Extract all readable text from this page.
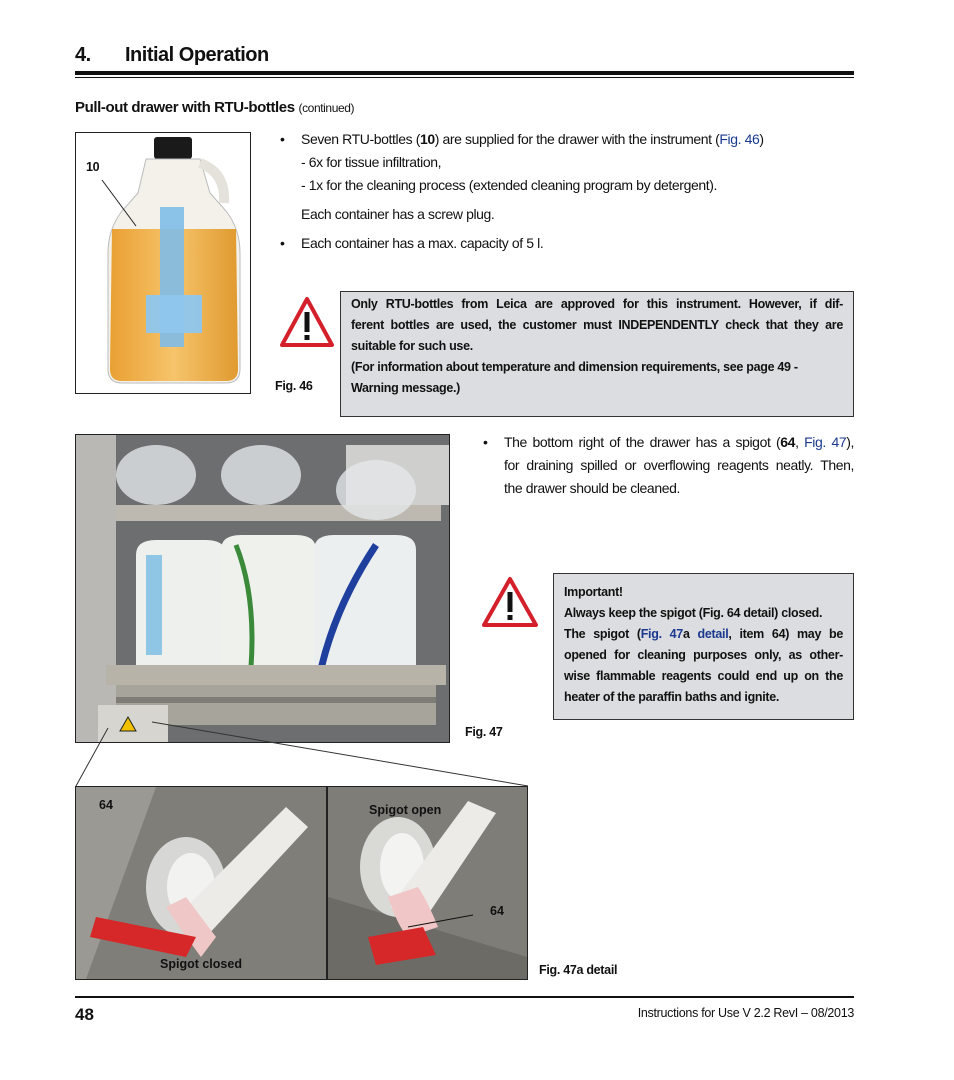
4. Initial Operation
Pull-out drawer with RTU-bottles (continued)
10
• Seven RTU-bottles (10) are supplied for the drawer with the instrument (Fig. 46)
- 6x for tissue infiltration,
- 1x for the cleaning process (extended cleaning program by detergent).
Each container has a screw plug.
• Each container has a max. capacity of 5 l.
Fig. 46
Only RTU-bottles from Leica are approved for this instrument. However, if dif-
ferent bottles are used, the customer must INDEPENDENTLY check that they are
suitable for such use.
(For information about temperature and dimension requirements, see page 49 -
Warning message.)
Fig. 47
• The bottom right of the drawer has a spigot (64, Fig. 47),
for draining spilled or overflowing reagents neatly. Then,
the drawer should be cleaned.
Important!
Always keep the spigot (Fig. 64 detail) closed.
The spigot (Fig. 47a detail, item 64) may be
opened for cleaning purposes only, as other-
wise flammable reagents could end up on the
heater of the paraffin baths and ignite.
64
Spigot closed
Spigot open
64
Fig. 47a detail
48	Instructions for Use V 2.2 RevI – 08/2013
